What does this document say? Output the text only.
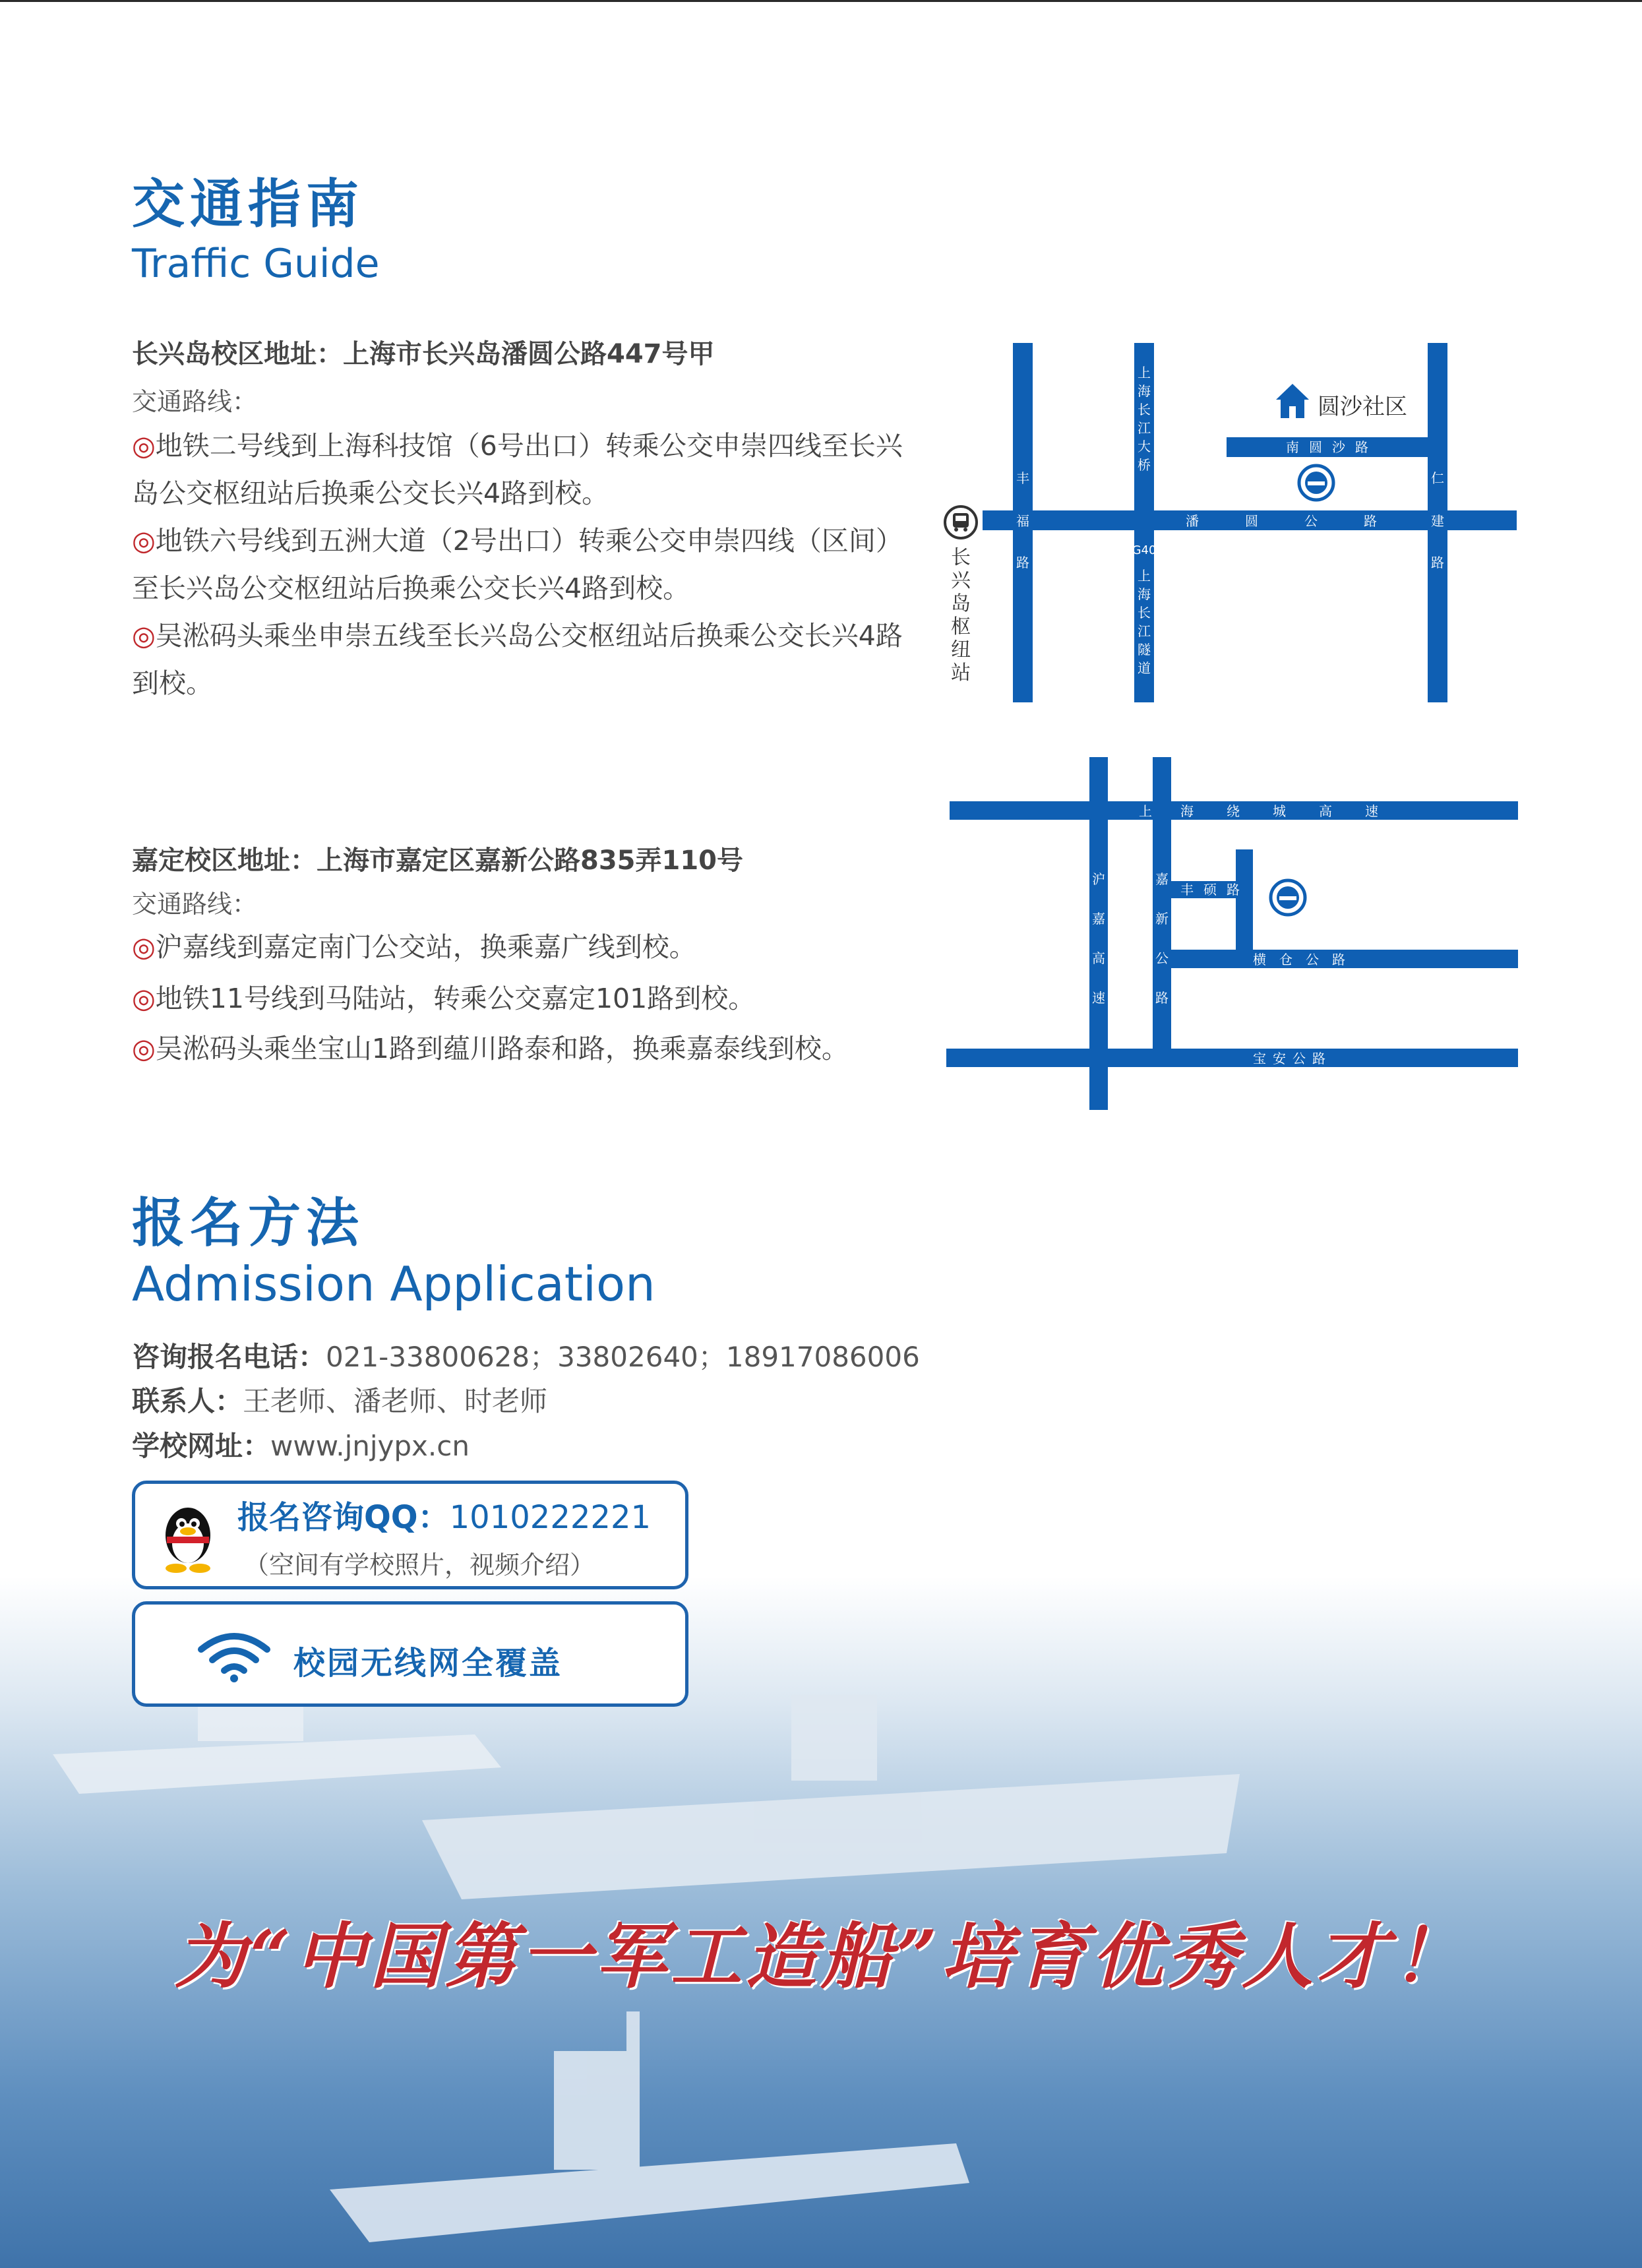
交通指南
Traffic Guide
长兴岛校区地址：上海市长兴岛潘圆公路447号甲
交通路线：
◎地铁二号线到上海科技馆（6号出口）转乘公交申崇四线至长兴岛公交枢纽站后换乘公交长兴4路到校。
◎地铁六号线到五洲大道（2号出口）转乘公交申崇四线（区间）至长兴岛公交枢纽站后换乘公交长兴4路到校。
◎吴淞码头乘坐申崇五线至长兴岛公交枢纽站后换乘公交长兴4路到校。
嘉定校区地址：上海市嘉定区嘉新公路835弄110号
交通路线：
◎沪嘉线到嘉定南门公交站，换乘嘉广线到校。
◎地铁11号线到马陆站，转乘公交嘉定101路到校。
◎吴淞码头乘坐宝山1路到蕴川路泰和路，换乘嘉泰线到校。
丰
福
路
上
海
长
江
大
桥
G40
上
海
长
江
隧
道
潘	圆	公	路
南 圆 沙 路
仁
建
路
圆沙社区
长
兴
岛
枢
纽
站
上 海	绕	城	高	速
沪
嘉
高
速
嘉
新
公
路
丰 硕 路
横 仓 公 路
宝 安 公 路
报名方法
Admission Application
咨询报名电话：021-33800628；33802640；18917086006
联系人：王老师、潘老师、时老师
学校网址：www.jnjypx.cn
报名咨询QQ：1010222221
（空间有学校照片，视频介绍）
校园无线网全覆盖
为“中国第一军工造船”培育优秀人才！
